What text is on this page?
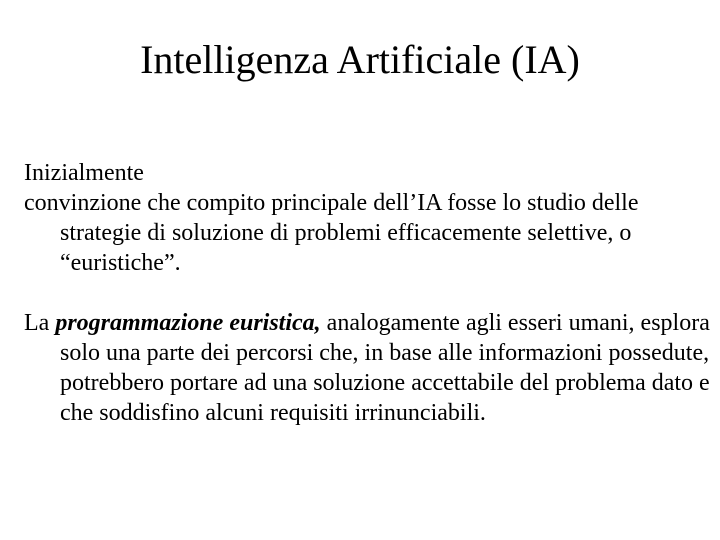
Intelligenza Artificiale (IA)

Inizialmente
convinzione che compito principale dell’IA fosse lo studio delle strategie di soluzione di problemi efficacemente selettive, o “euristiche”.

La programmazione euristica, analogamente agli esseri umani, esplora solo una parte dei percorsi che, in base alle informazioni possedute, potrebbero portare ad una soluzione accettabile del problema dato e che soddisfino alcuni requisiti irrinunciabili.
